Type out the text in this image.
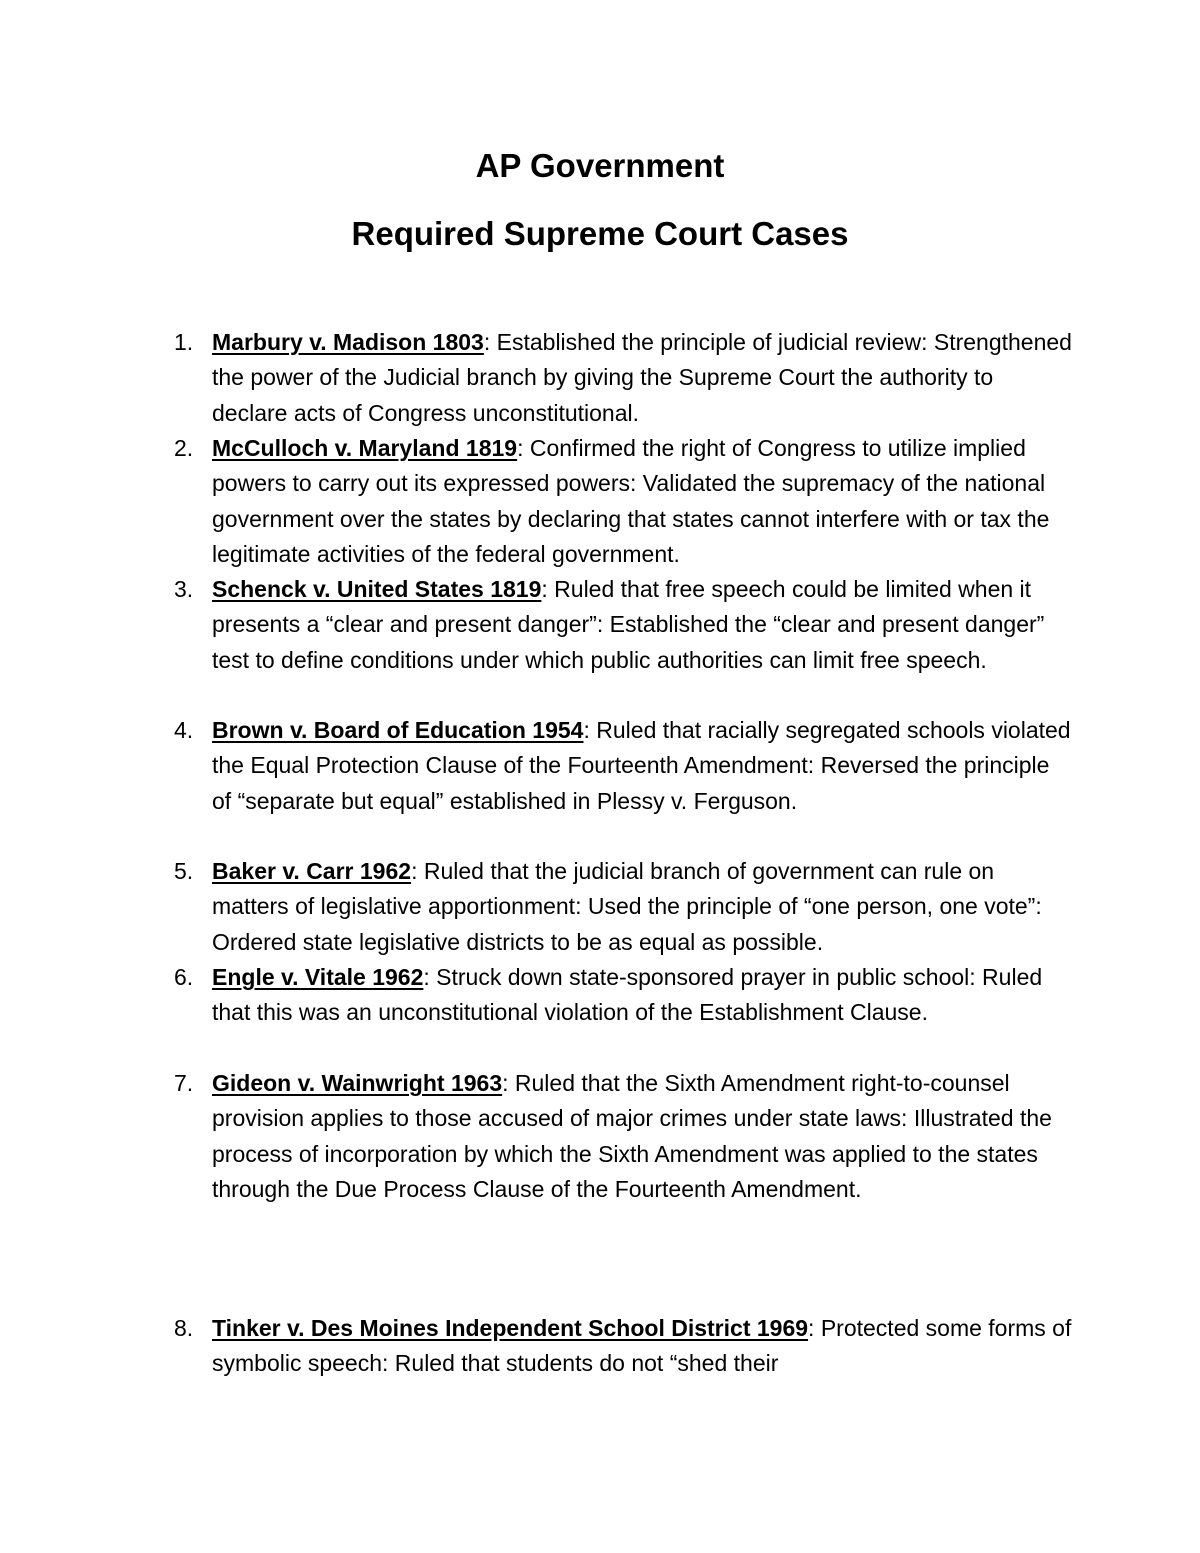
AP Government
Required Supreme Court Cases
1. Marbury v. Madison 1803: Established the principle of judicial review: Strengthened the power of the Judicial branch by giving the Supreme Court the authority to declare acts of Congress unconstitutional.
2. McCulloch v. Maryland 1819: Confirmed the right of Congress to utilize implied powers to carry out its expressed powers: Validated the supremacy of the national government over the states by declaring that states cannot interfere with or tax the legitimate activities of the federal government.
3. Schenck v. United States 1819: Ruled that free speech could be limited when it presents a “clear and present danger”: Established the “clear and present danger” test to define conditions under which public authorities can limit free speech.
4. Brown v. Board of Education 1954: Ruled that racially segregated schools violated the Equal Protection Clause of the Fourteenth Amendment: Reversed the principle of “separate but equal” established in Plessy v. Ferguson.
5. Baker v. Carr 1962: Ruled that the judicial branch of government can rule on matters of legislative apportionment: Used the principle of “one person, one vote”: Ordered state legislative districts to be as equal as possible.
6. Engle v. Vitale 1962: Struck down state-sponsored prayer in public school: Ruled that this was an unconstitutional violation of the Establishment Clause.
7. Gideon v. Wainwright 1963: Ruled that the Sixth Amendment right-to-counsel provision applies to those accused of major crimes under state laws: Illustrated the process of incorporation by which the Sixth Amendment was applied to the states through the Due Process Clause of the Fourteenth Amendment.
8. Tinker v. Des Moines Independent School District 1969: Protected some forms of symbolic speech: Ruled that students do not “shed their
